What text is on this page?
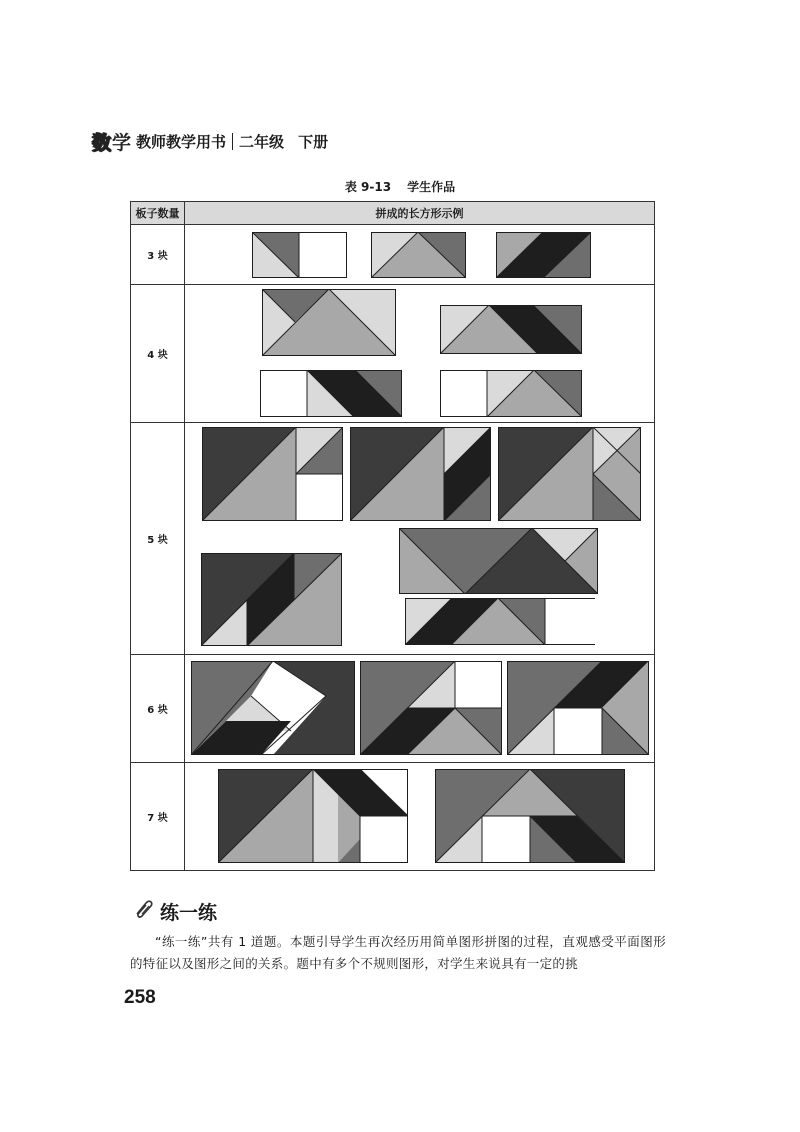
数 学 教师教学用书 二年级 下册
表 9-13 学生作品
板子数量	拼成的长方形示例
3 块	

4 块	

5 块	

6 块	

7 块	
练一练

“练一练”共有 1 道题。本题引导学生再次经历用简单图形拼图的过程，直观感受平面图形的特征以及图形之间的关系。题中有多个不规则图形，对学生来说具有一定的挑

258
